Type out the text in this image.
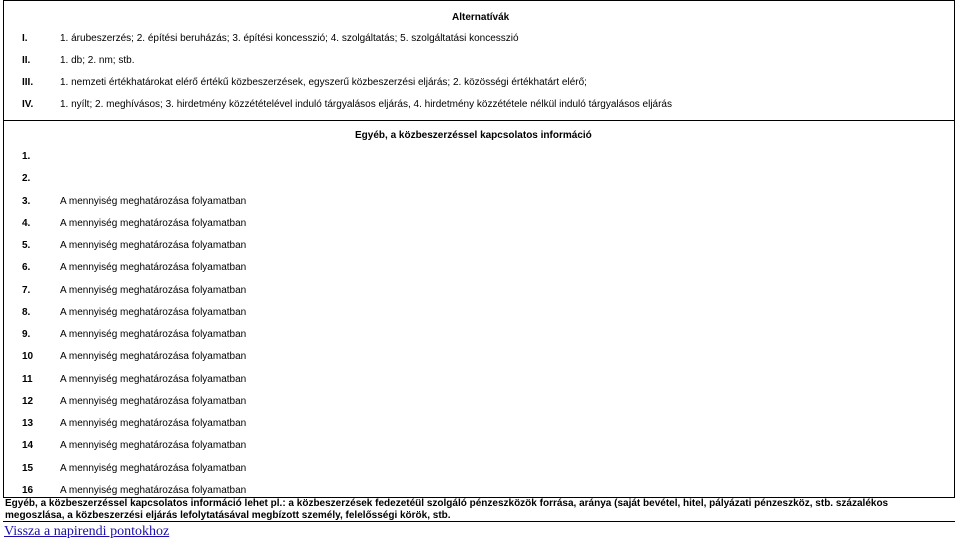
Alternatívák
I.	1. árubeszerzés; 2. építési beruházás; 3. építési koncesszió; 4. szolgáltatás; 5. szolgáltatási koncesszió
II.	1. db; 2. nm; stb.
III.	1. nemzeti értékhatárokat elérő értékű közbeszerzések, egyszerű közbeszerzési eljárás; 2. közösségi értékhatárt elérő;
IV.	1. nyílt; 2. meghívásos; 3. hirdetmény közzétételével induló tárgyalásos eljárás, 4. hirdetmény közzététele nélkül induló tárgyalásos eljárás
Egyéb, a közbeszerzéssel kapcsolatos információ
1.
2.
3.	A mennyiség meghatározása folyamatban
4.	A mennyiség meghatározása folyamatban
5.	A mennyiség meghatározása folyamatban
6.	A mennyiség meghatározása folyamatban
7.	A mennyiség meghatározása folyamatban
8.	A mennyiség meghatározása folyamatban
9.	A mennyiség meghatározása folyamatban
10	A mennyiség meghatározása folyamatban
11	A mennyiség meghatározása folyamatban
12	A mennyiség meghatározása folyamatban
13	A mennyiség meghatározása folyamatban
14	A mennyiség meghatározása folyamatban
15	A mennyiség meghatározása folyamatban
16	A mennyiség meghatározása folyamatban
Egyéb, a közbeszerzéssel kapcsolatos információ lehet pl.: a közbeszerzések fedezetéül szolgáló pénzeszközök forrása, aránya (saját bevétel, hitel, pályázati pénzeszköz, stb. százalékos megoszlása, a közbeszerzési eljárás lefolytatásával megbízott személy, felelősségi körök, stb.
Vissza a napirendi pontokhoz
